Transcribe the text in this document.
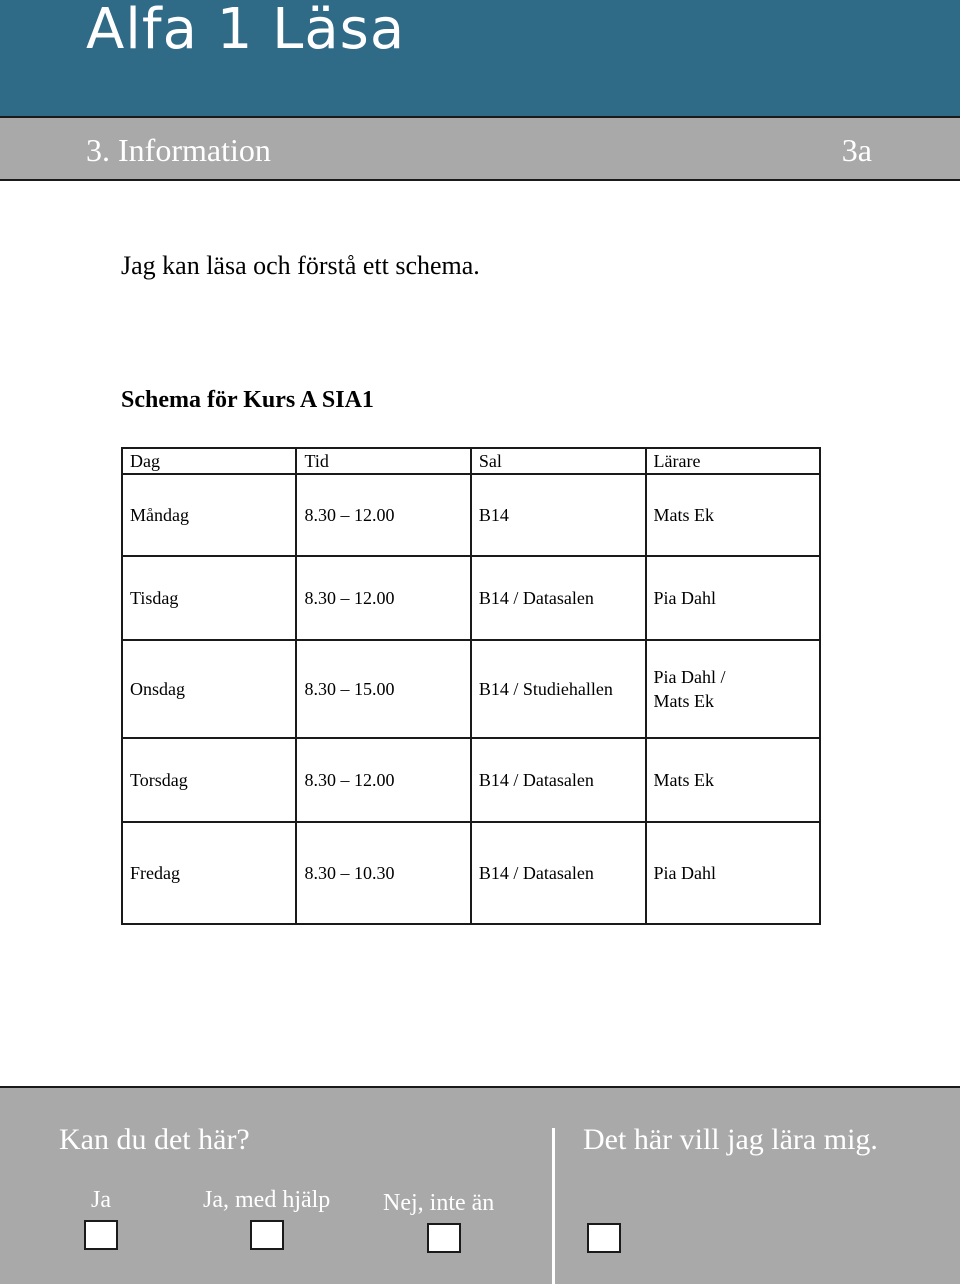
Alfa 1 Läsa
3. Information	3a
Jag kan läsa och förstå ett schema.
Schema för Kurs A SIA1
Dag	Tid	Sal	Lärare
Måndag	8.30 – 12.00	B14	Mats Ek
Tisdag	8.30 – 12.00	B14 / Datasalen	Pia Dahl
Onsdag	8.30 – 15.00	B14 / Studiehallen	Pia Dahl /
Mats Ek
Torsdag	8.30 – 12.00	B14 / Datasalen	Mats Ek
Fredag	8.30 – 10.30	B14 / Datasalen	Pia Dahl
Kan du det här?	Det här vill jag lära mig.
Ja	Ja, med hjälp Nej, inte än
